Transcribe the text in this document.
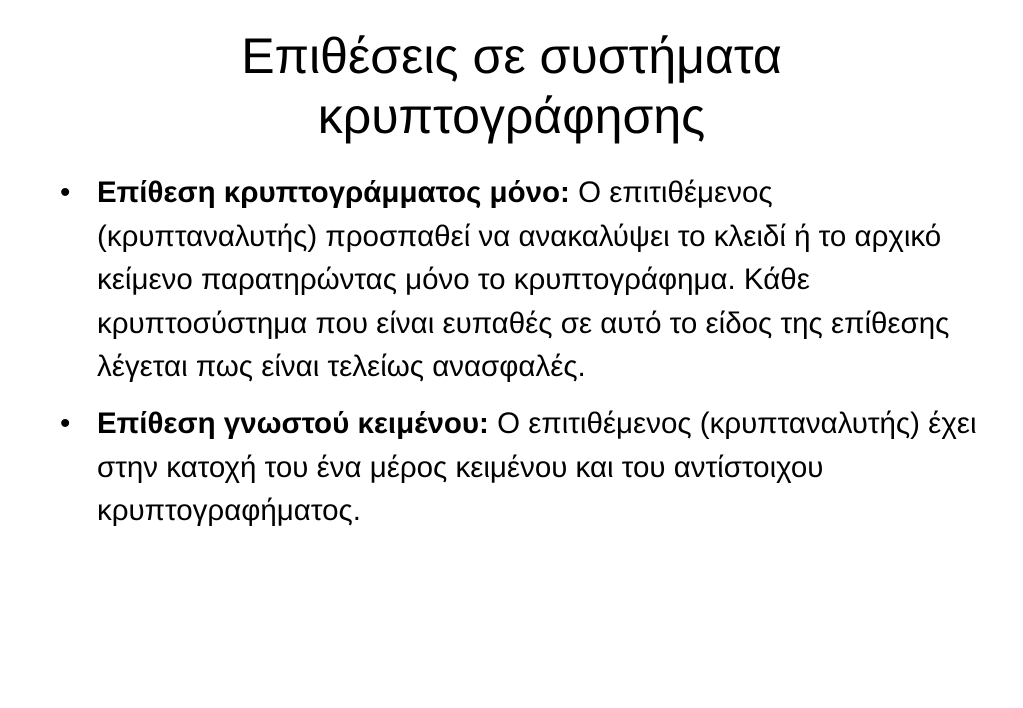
Επιθέσεις σε συστήματα
κρυπτογράφησης
• Επίθεση κρυπτογράμματος μόνο: Ο επιτιθέμενος (κρυπταναλυτής) προσπαθεί να ανακαλύψει το κλειδί ή το αρχικό κείμενο παρατηρώντας μόνο το κρυπτογράφημα. Κάθε κρυπτοσύστημα που είναι ευπαθές σε αυτό το είδος της επίθεσης λέγεται πως είναι τελείως ανασφαλές.
• Επίθεση γνωστού κειμένου: Ο επιτιθέμενος (κρυπταναλυτής) έχει στην κατοχή του ένα μέρος κειμένου και του αντίστοιχου κρυπτογραφήματος.
